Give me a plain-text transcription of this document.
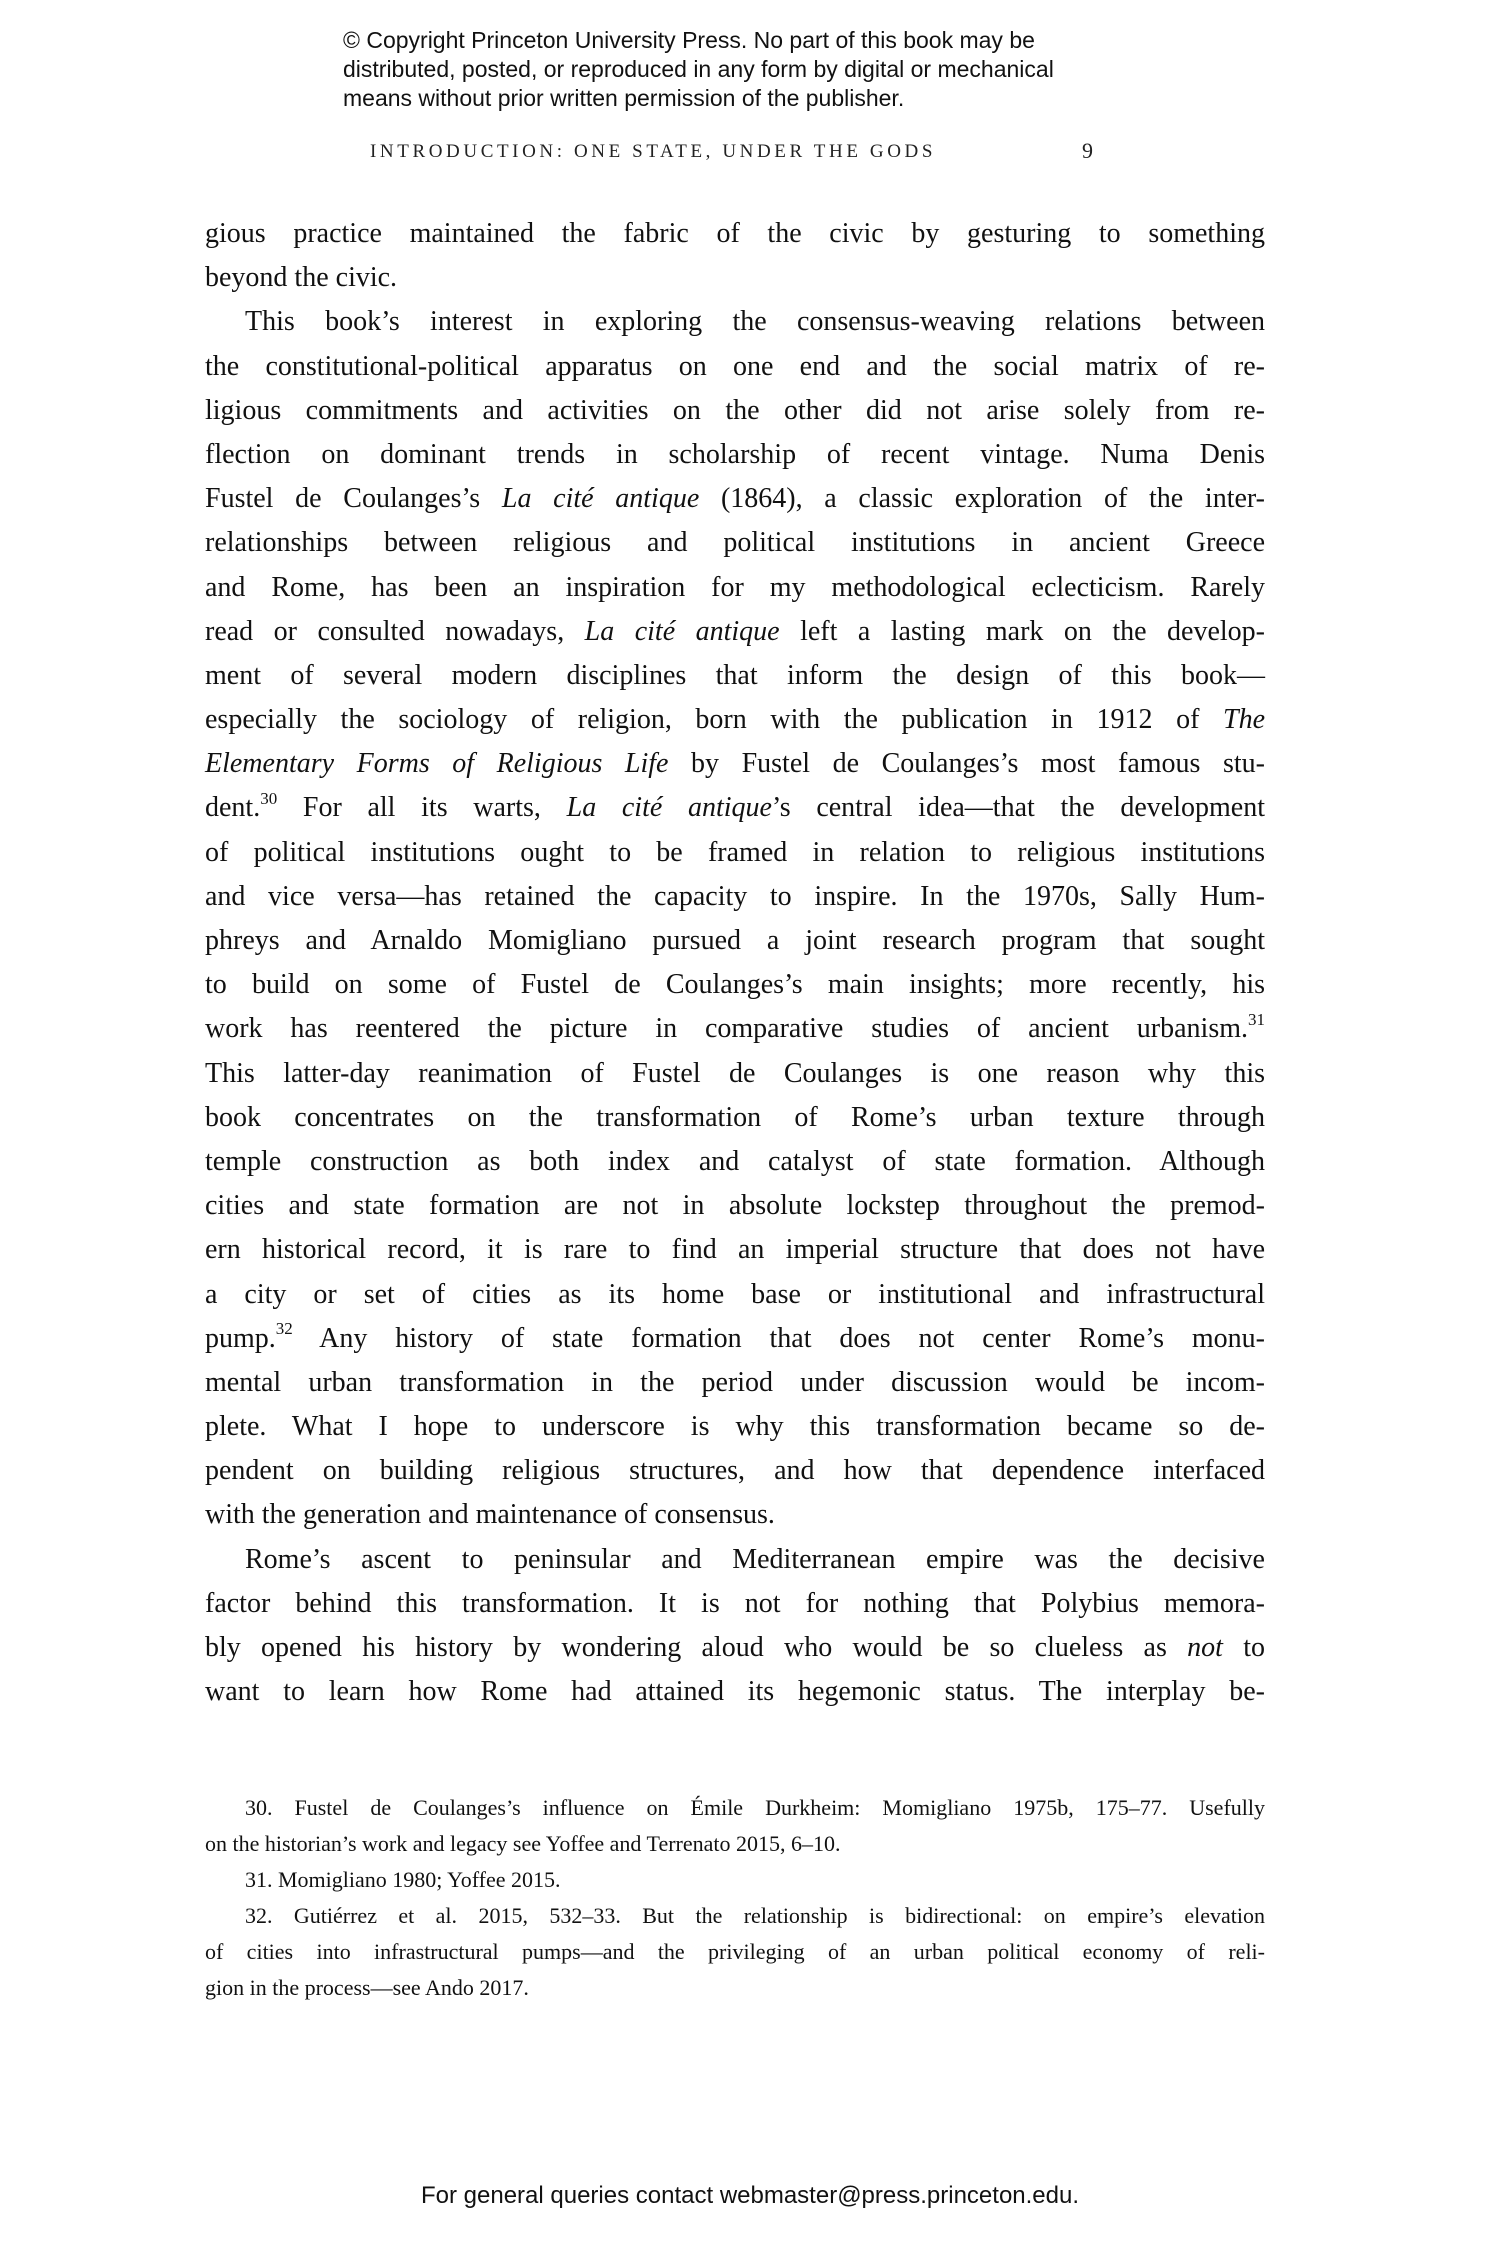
© Copyright Princeton University Press. No part of this book may be
distributed, posted, or reproduced in any form by digital or mechanical
means without prior written permission of the publisher.
INTRODUCTION: ONE STATE, UNDER THE GODS	9
gious practice maintained the fabric of the civic by gesturing to something
beyond the civic.
This book’s interest in exploring the consensus-weaving relations between
the constitutional-political apparatus on one end and the social matrix of re-
ligious commitments and activities on the other did not arise solely from re-
flection on dominant trends in scholarship of recent vintage. Numa Denis
Fustel de Coulanges’s La cité antique (1864), a classic exploration of the inter-
relationships between religious and political institutions in ancient Greece
and Rome, has been an inspiration for my methodological eclecticism. Rarely
read or consulted nowadays, La cité antique left a lasting mark on the develop-
ment of several modern disciplines that inform the design of this book—
especially the sociology of religion, born with the publication in 1912 of The
Elementary Forms of Religious Life by Fustel de Coulanges’s most famous stu-
dent.$^{30}$ For all its warts, La cité antique’s central idea—that the development
of political institutions ought to be framed in relation to religious institutions
and vice versa—has retained the capacity to inspire. In the 1970s, Sally Hum-
phreys and Arnaldo Momigliano pursued a joint research program that sought
to build on some of Fustel de Coulanges’s main insights; more recently, his
work has reentered the picture in comparative studies of ancient urbanism.$^{31}$
This latter-day reanimation of Fustel de Coulanges is one reason why this
book concentrates on the transformation of Rome’s urban texture through
temple construction as both index and catalyst of state formation. Although
cities and state formation are not in absolute lockstep throughout the premod-
ern historical record, it is rare to find an imperial structure that does not have
a city or set of cities as its home base or institutional and infrastructural
pump.$^{32}$ Any history of state formation that does not center Rome’s monu-
mental urban transformation in the period under discussion would be incom-
plete. What I hope to underscore is why this transformation became so de-
pendent on building religious structures, and how that dependence interfaced
with the generation and maintenance of consensus.
Rome’s ascent to peninsular and Mediterranean empire was the decisive
factor behind this transformation. It is not for nothing that Polybius memora-
bly opened his history by wondering aloud who would be so clueless as not to
want to learn how Rome had attained its hegemonic status. The interplay be-
30. Fustel de Coulanges’s influence on Émile Durkheim: Momigliano 1975b, 175–77. Usefully
on the historian’s work and legacy see Yoffee and Terrenato 2015, 6–10.
31. Momigliano 1980; Yoffee 2015.
32. Gutiérrez et al. 2015, 532–33. But the relationship is bidirectional: on empire’s elevation
of cities into infrastructural pumps—and the privileging of an urban political economy of reli-
gion in the process—see Ando 2017.
For general queries contact webmaster@press.princeton.edu.
